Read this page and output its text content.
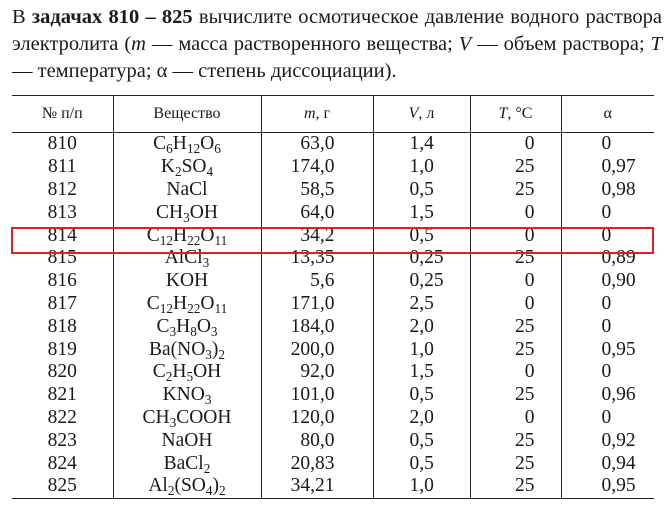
В задачах 810 – 825 вычислите осмотическое давление водного раствора электролита (m — масса растворенного вещества; V — объем раствора; T — температура; α — степень диссоциации).
№ п/п	Вещество	m, г	V, л	T, °С	α
810	$C_6H_{12}O_6$	63,0	1,4	0	0
811	$K_2SO_4$	174,0	1,0	25	0,97
812	NaCl	58,5	0,5	25	0,98
813	$CH_3OH$	64,0	1,5	0	0
814	$C_{12}H_{22}O_{11}$	34,2	0,5	0	0
815	AlCl$_3$	13,35	0,25	25	0,89
816	KOH	5,6	0,25	0	0,90
817	$C_{12}H_{22}O_{11}$	171,0	2,5	0	0
818	$C_3H_8O_3$	184,0	2,0	25	0
819	$Ba(NO_3)_2$	200,0	1,0	25	0,95
820	$C_2H_5OH$	92,0	1,5	0	0
821	$KNO_3$	101,0	0,5	25	0,96
822	$CH_3COOH$	120,0	2,0	0	0
823	NaOH	80,0	0,5	25	0,92
824	BaCl$_2$	20,83	0,5	25	0,94
825	$Al_2(SO_4)_2$	34,21	1,0	25	0,95
